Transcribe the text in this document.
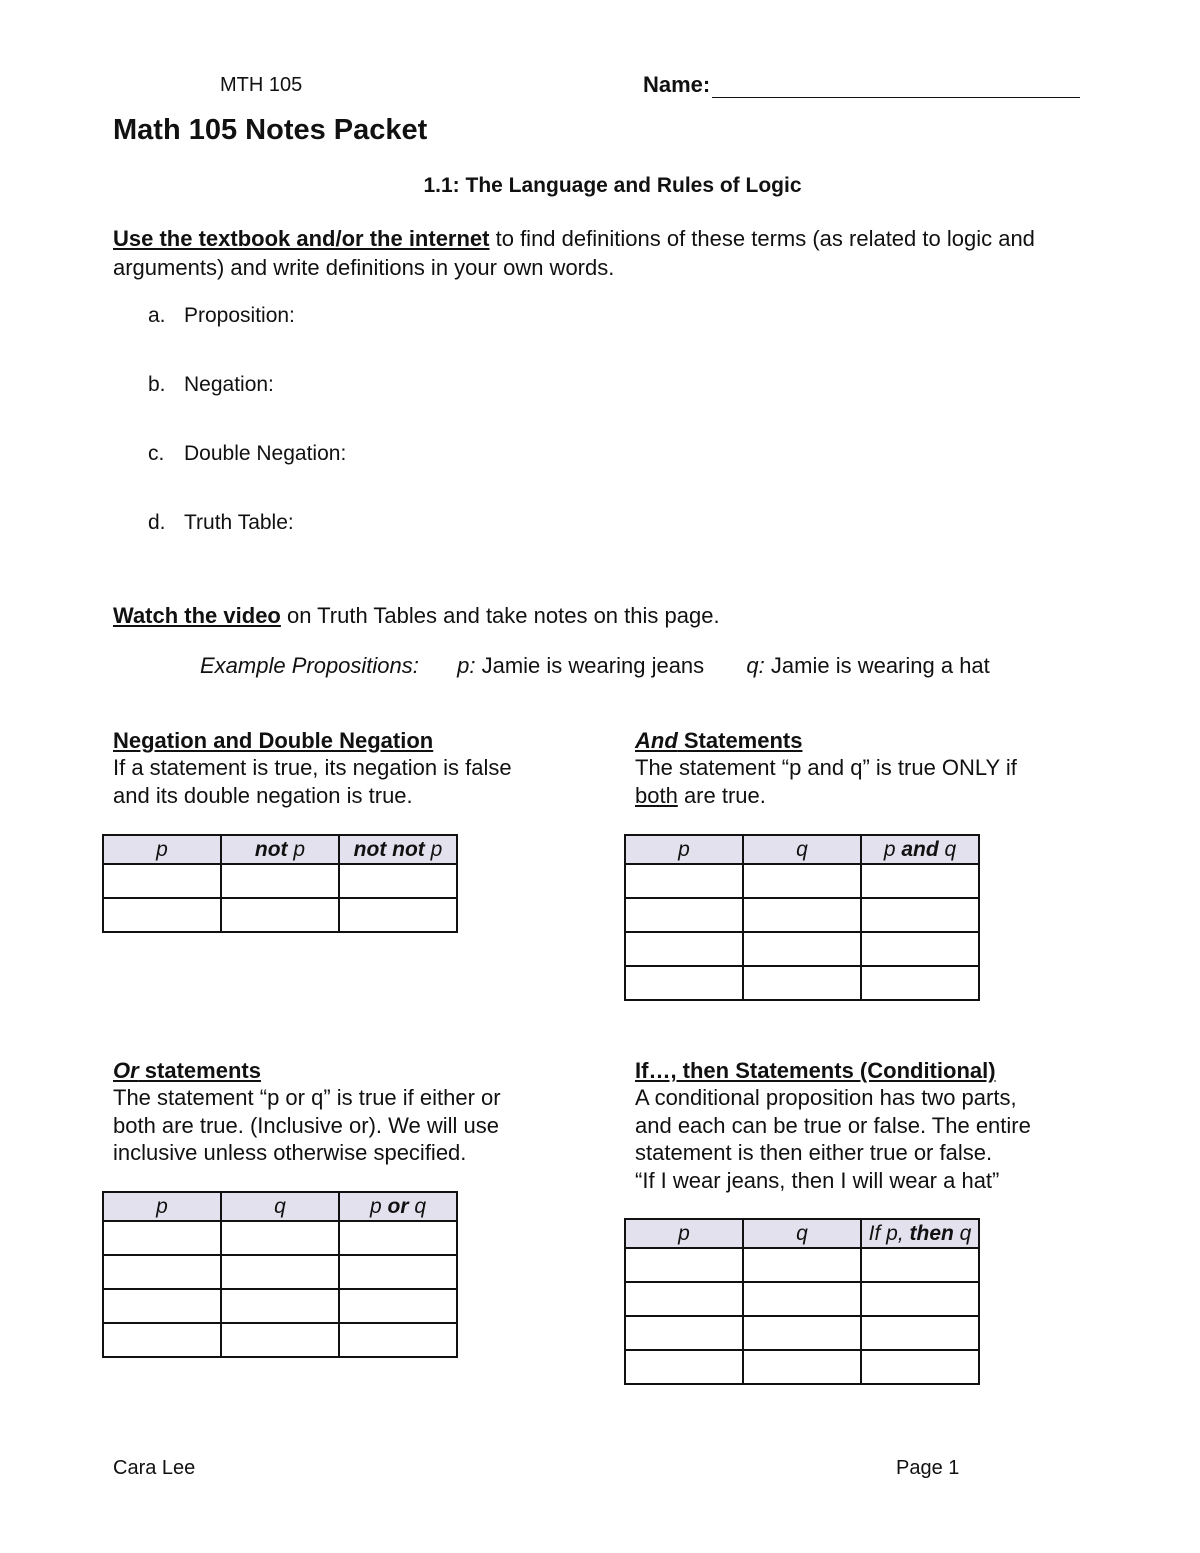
MTH 105	Name:
Math 105 Notes Packet
1.1: The Language and Rules of Logic
Use the textbook and/or the internet to find definitions of these terms (as related to logic and arguments) and write definitions in your own words.
a. Proposition:
b. Negation:
c. Double Negation:
d. Truth Table:
Watch the video on Truth Tables and take notes on this page.
Example Propositions: p: Jamie is wearing jeans q: Jamie is wearing a hat
Negation and Double Negation
If a statement is true, its negation is false
and its double negation is true.
p	not p	not not p

And Statements
The statement “p and q” is true ONLY if
both are true.
p	q	p and q

Or statements
The statement “p or q” is true if either or
both are true. (Inclusive or). We will use
inclusive unless otherwise specified.
p	q	p or q

If…, then Statements (Conditional)
A conditional proposition has two parts,
and each can be true or false. The entire
statement is then either true or false.
“If I wear jeans, then I will wear a hat”
p	q	If p, then q

Cara Lee	Page 1
